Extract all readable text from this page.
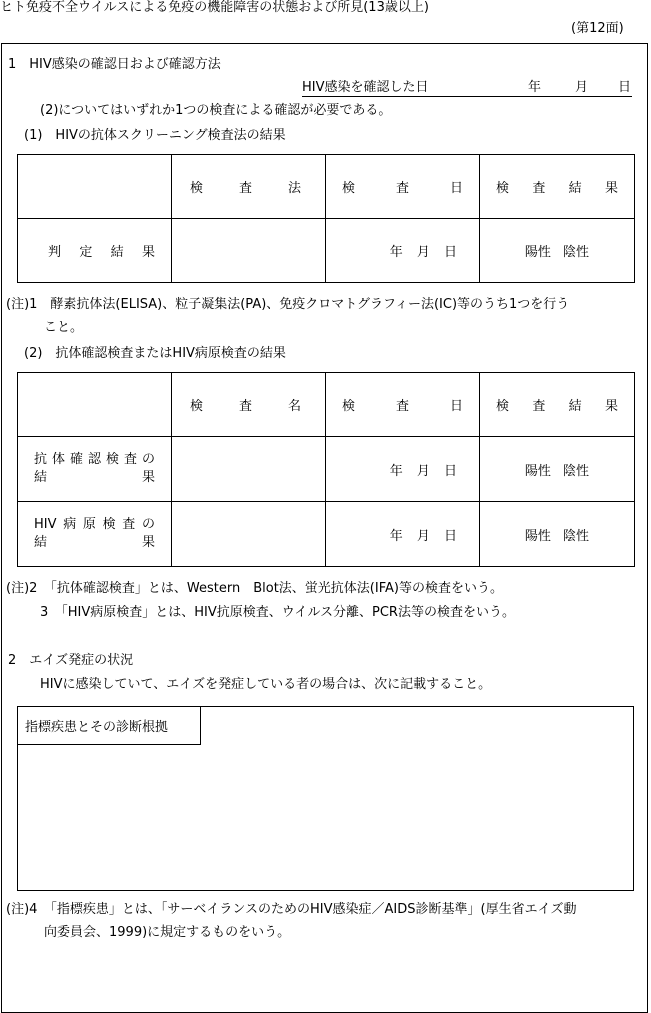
ヒト免疫不全ウイルスによる免疫の機能障害の状態および所見(13歳以上)
(第12面)
1　HIV感染の確認日および確認方法
HIV感染を確認した日	年	月 日
(2)についてはいずれか1つの検査による確認が必要である。
(1)　HIVの抗体スクリーニング検査法の結果
	検査法	検査日	検査結果
判定結果		年 月 日	陽性 陰性
(注)1　酵素抗体法(ELISA)、粒子凝集法(PA)、免疫クロマトグラフィー法(IC)等のうち1つを行う
こと。
(2)　抗体確認検査またはHIV病原検査の結果
	検査名	検査日	検査結果

抗体確認検査の
結果		年 月 日	陽性 陰性

HIV病原検査の
結果		年 月 日	陽性 陰性
(注)2　「抗体確認検査」とは、Western　Blot法、蛍光抗体法(IFA)等の検査をいう。
3　「HIV病原検査」とは、HIV抗原検査、ウイルス分離、PCR法等の検査をいう。
2　エイズ発症の状況
HIVに感染していて、エイズを発症している者の場合は、次に記載すること。
指標疾患とその診断根拠
(注)4　「指標疾患」とは、「サーベイランスのためのHIV感染症／AIDS診断基準」(厚生省エイズ動
向委員会、1999)に規定するものをいう。
